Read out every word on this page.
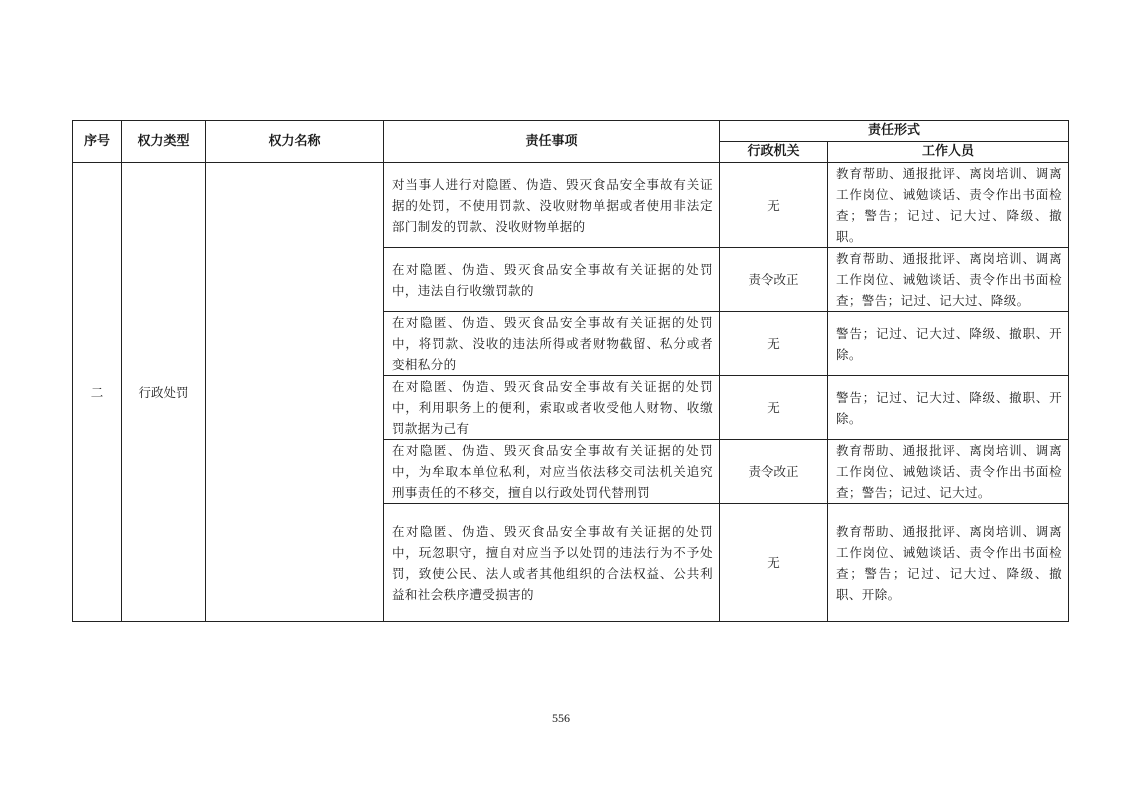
序号	权力类型	权力名称	责任事项	责任形式	
				行政机关	工作人员
二	行政处罚		对当事人进行对隐匿、伪造、毁灭食品安全事故有关证据的处罚，不使用罚款、没收财物单据或者使用非法定部门制发的罚款、没收财物单据的	无	教育帮助、通报批评、离岗培训、调离工作岗位、诫勉谈话、责令作出书面检查；警告；记过、记大过、降级、撤职。
			在对隐匿、伪造、毁灭食品安全事故有关证据的处罚中，违法自行收缴罚款的	责令改正	教育帮助、通报批评、离岗培训、调离工作岗位、诫勉谈话、责令作出书面检查；警告；记过、记大过、降级。
			在对隐匿、伪造、毁灭食品安全事故有关证据的处罚中，将罚款、没收的违法所得或者财物截留、私分或者变相私分的	无	警告；记过、记大过、降级、撤职、开除。
			在对隐匿、伪造、毁灭食品安全事故有关证据的处罚中，利用职务上的便利，索取或者收受他人财物、收缴罚款据为己有	无	警告；记过、记大过、降级、撤职、开除。
			在对隐匿、伪造、毁灭食品安全事故有关证据的处罚中，为牟取本单位私利，对应当依法移交司法机关追究刑事责任的不移交，擅自以行政处罚代替刑罚	责令改正	教育帮助、通报批评、离岗培训、调离工作岗位、诫勉谈话、责令作出书面检查；警告；记过、记大过。
			在对隐匿、伪造、毁灭食品安全事故有关证据的处罚中，玩忽职守，擅自对应当予以处罚的违法行为不予处罚，致使公民、法人或者其他组织的合法权益、公共利益和社会秩序遭受损害的	无	教育帮助、通报批评、离岗培训、调离工作岗位、诫勉谈话、责令作出书面检查；警告；记过、记大过、降级、撤职、开除。
556
